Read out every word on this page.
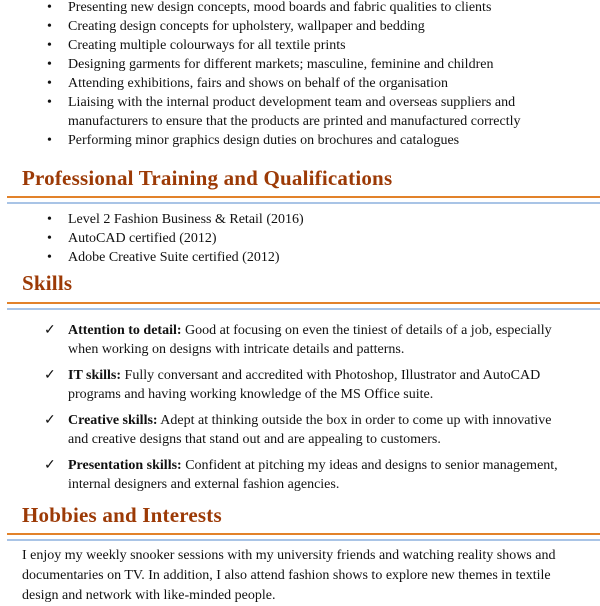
• Presenting new design concepts, mood boards and fabric qualities to clients
• Creating design concepts for upholstery, wallpaper and bedding
• Creating multiple colourways for all textile prints
• Designing garments for different markets; masculine, feminine and children
• Attending exhibitions, fairs and shows on behalf of the organisation
• Liaising with the internal product development team and overseas suppliers and manufacturers to ensure that the products are printed and manufactured correctly
• Performing minor graphics design duties on brochures and catalogues
Professional Training and Qualifications
• Level 2 Fashion Business & Retail (2016)
• AutoCAD certified (2012)
• Adobe Creative Suite certified (2012)
Skills
✓ Attention to detail: Good at focusing on even the tiniest of details of a job, especially when working on designs with intricate details and patterns.
✓ IT skills: Fully conversant and accredited with Photoshop, Illustrator and AutoCAD programs and having working knowledge of the MS Office suite.
✓ Creative skills: Adept at thinking outside the box in order to come up with innovative and creative designs that stand out and are appealing to customers.
✓ Presentation skills: Confident at pitching my ideas and designs to senior management, internal designers and external fashion agencies.
Hobbies and Interests

I enjoy my weekly snooker sessions with my university friends and watching reality shows and documentaries on TV. In addition, I also attend fashion shows to explore new themes in textile design and network with like-minded people.
